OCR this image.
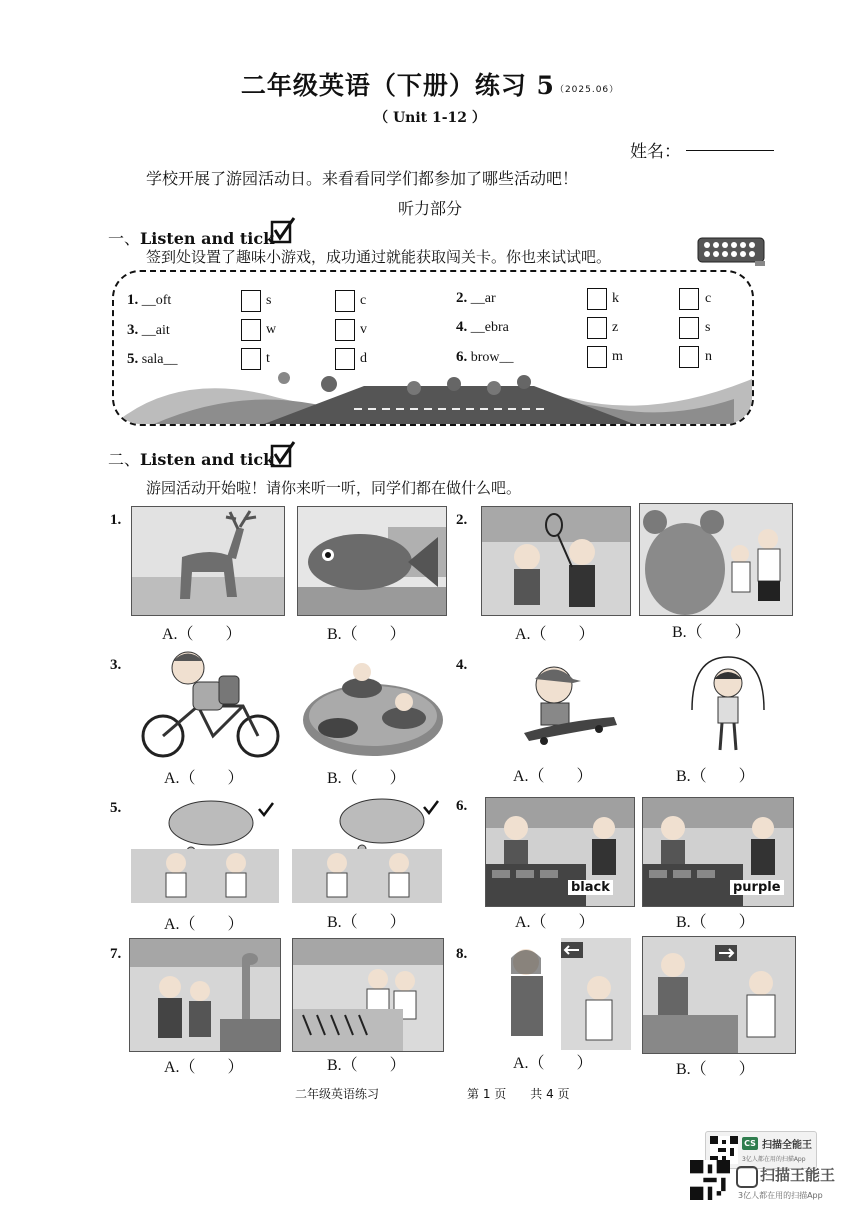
二年级英语（下册）练习 5（2025.06）
（ Unit 1-12 ）
姓名：
学校开展了游园活动日。来看看同学们都参加了哪些活动吧！
听力部分
一、Listen and tick
签到处设置了趣味小游戏，成功通过就能获取闯关卡。你也来试试吧。
1. __oft	s	c	2. __ar	k	c
3. __ait	w	v	4. __ebra	z	s
5. sala__	t	d	6. brow__	m	n
二、Listen and tick
游园活动开始啦！请你来听一听，同学们都在做什么吧。
1.
A.（　　）	B.（　　）
2.
A.（　　）	B.（　　）
3.
A.（　　）	B.（　　）
4.
A.（　　）	B.（　　）
5.
A.（　　）	B.（　　）
6.
black
A.（　　）
purple
B.（　　）
7.
A.（　　）	B.（　　）
8.
A.（　　）	B.（　　）
二年级英语练习	第 1 页　　共 4 页
CS 扫描全能王
3亿人都在用的扫描App
扫描王能王
3亿人都在用的扫描App
